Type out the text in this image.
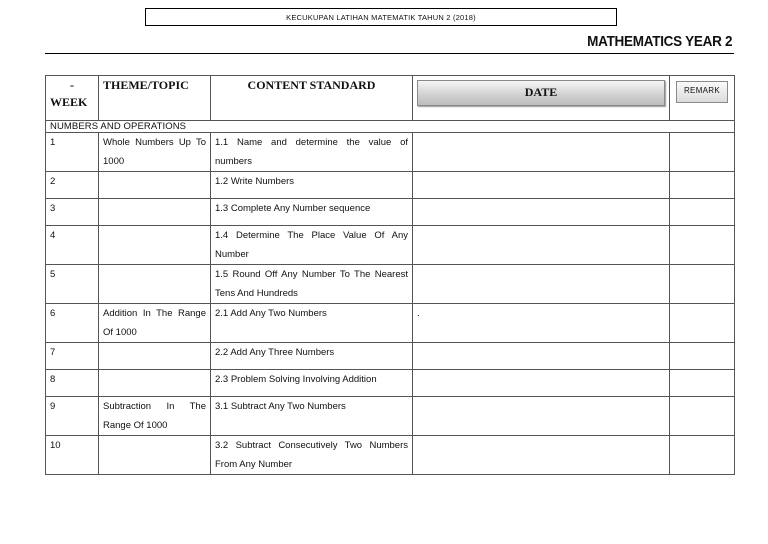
KECUKUPAN LATIHAN MATEMATIK TAHUN 2 (2018)
MATHEMATICS YEAR 2
-
WEEK	THEME/TOPIC	CONTENT STANDARD	DATE	REMARK

NUMBERS AND OPERATIONS				
1	Whole Numbers Up To 1000	1.1 Name and determine the value of numbers		
2		1.2 Write Numbers		
3		1.3 Complete Any Number sequence		
4		1.4 Determine The Place Value Of Any Number		
5		1.5 Round Off Any Number To The Nearest Tens And Hundreds		
6	Addition In The Range Of 1000	2.1 Add Any Two Numbers	.	
7		2.2 Add Any Three Numbers		
8		2.3 Problem Solving Involving Addition		
9	Subtraction In The Range Of 1000	3.1 Subtract Any Two Numbers		
10		3.2 Subtract Consecutively Two Numbers From Any Number		
